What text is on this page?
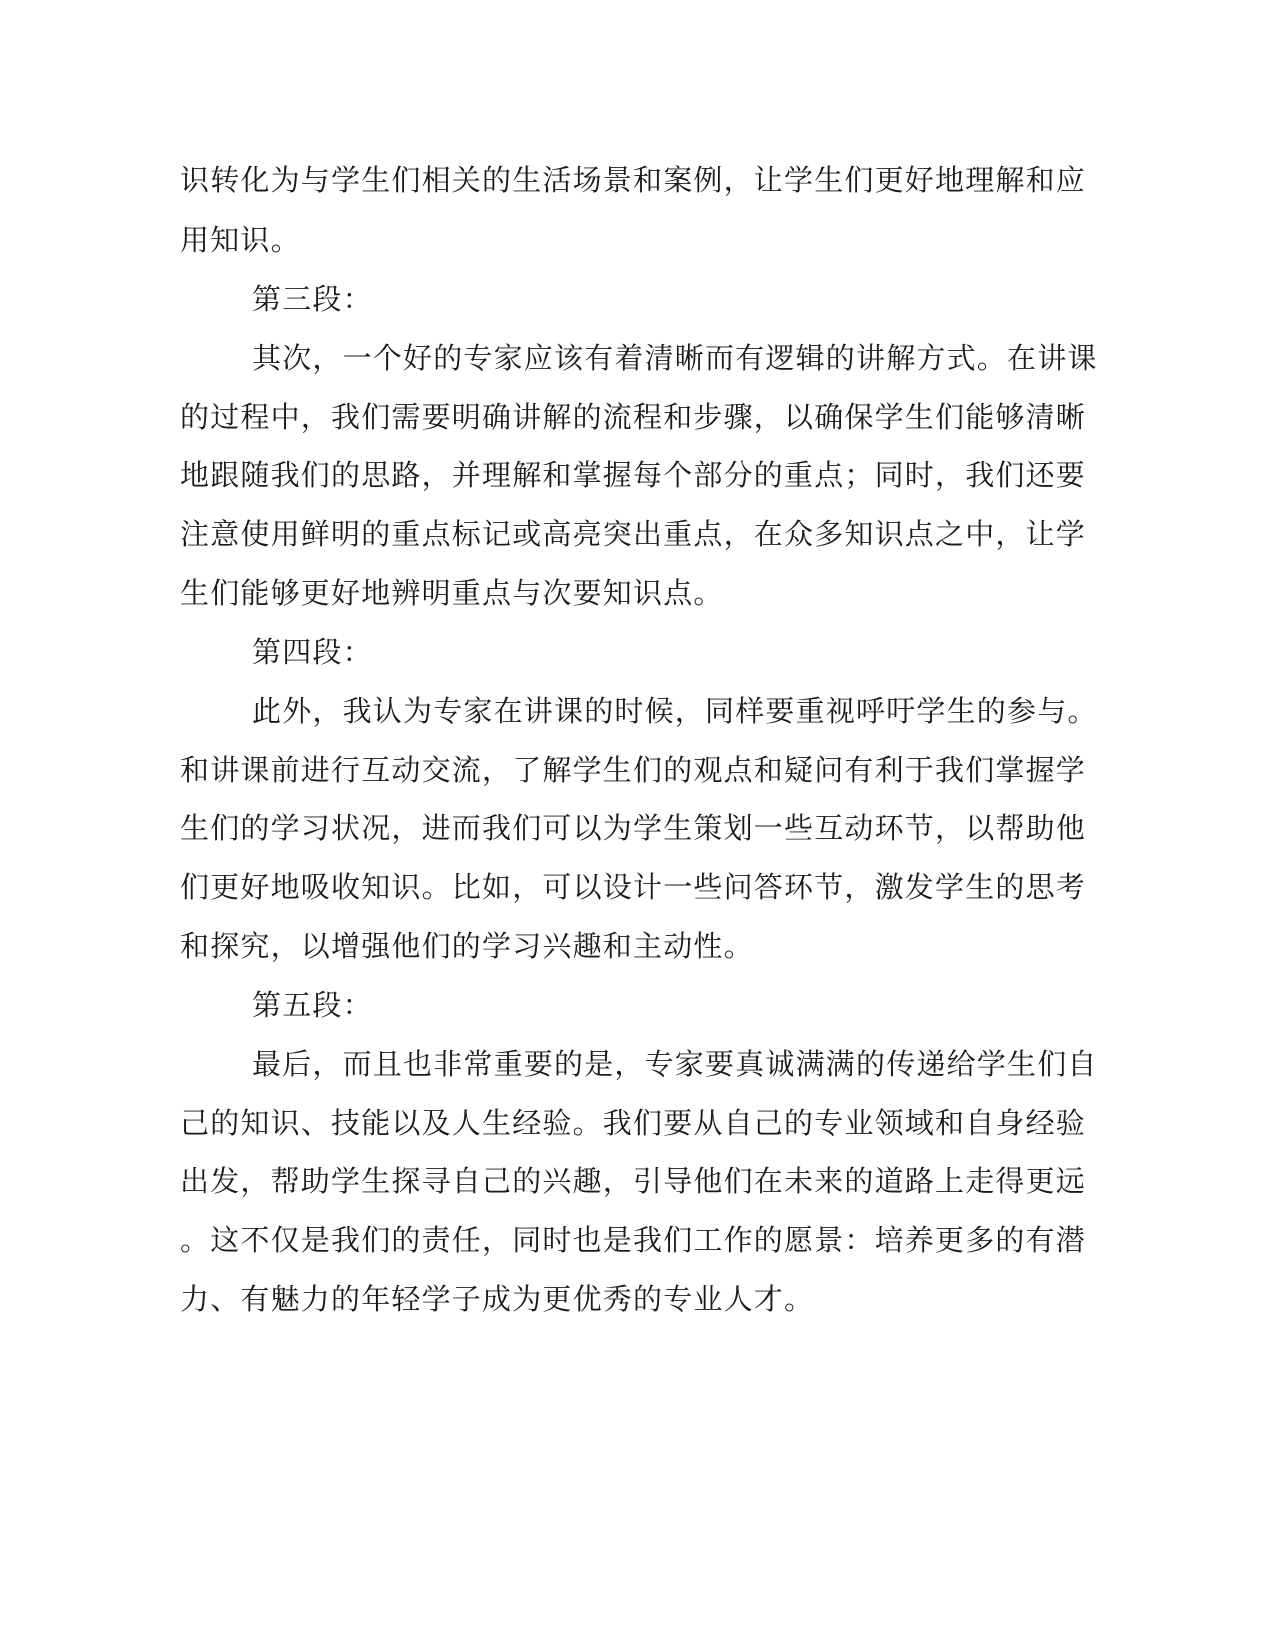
识转化为与学生们相关的生活场景和案例，让学生们更好地理解和应
用知识。
第三段：
其次，一个好的专家应该有着清晰而有逻辑的讲解方式。在讲课
的过程中，我们需要明确讲解的流程和步骤，以确保学生们能够清晰
地跟随我们的思路，并理解和掌握每个部分的重点；同时，我们还要
注意使用鲜明的重点标记或高亮突出重点，在众多知识点之中，让学
生们能够更好地辨明重点与次要知识点。
第四段：
此外，我认为专家在讲课的时候，同样要重视呼吁学生的参与。
和讲课前进行互动交流，了解学生们的观点和疑问有利于我们掌握学
生们的学习状况，进而我们可以为学生策划一些互动环节，以帮助他
们更好地吸收知识。比如，可以设计一些问答环节，激发学生的思考
和探究，以增强他们的学习兴趣和主动性。
第五段：
最后，而且也非常重要的是，专家要真诚满满的传递给学生们自
己的知识、技能以及人生经验。我们要从自己的专业领域和自身经验
出发，帮助学生探寻自己的兴趣，引导他们在未来的道路上走得更远
。这不仅是我们的责任，同时也是我们工作的愿景：培养更多的有潜
力、有魅力的年轻学子成为更优秀的专业人才。
